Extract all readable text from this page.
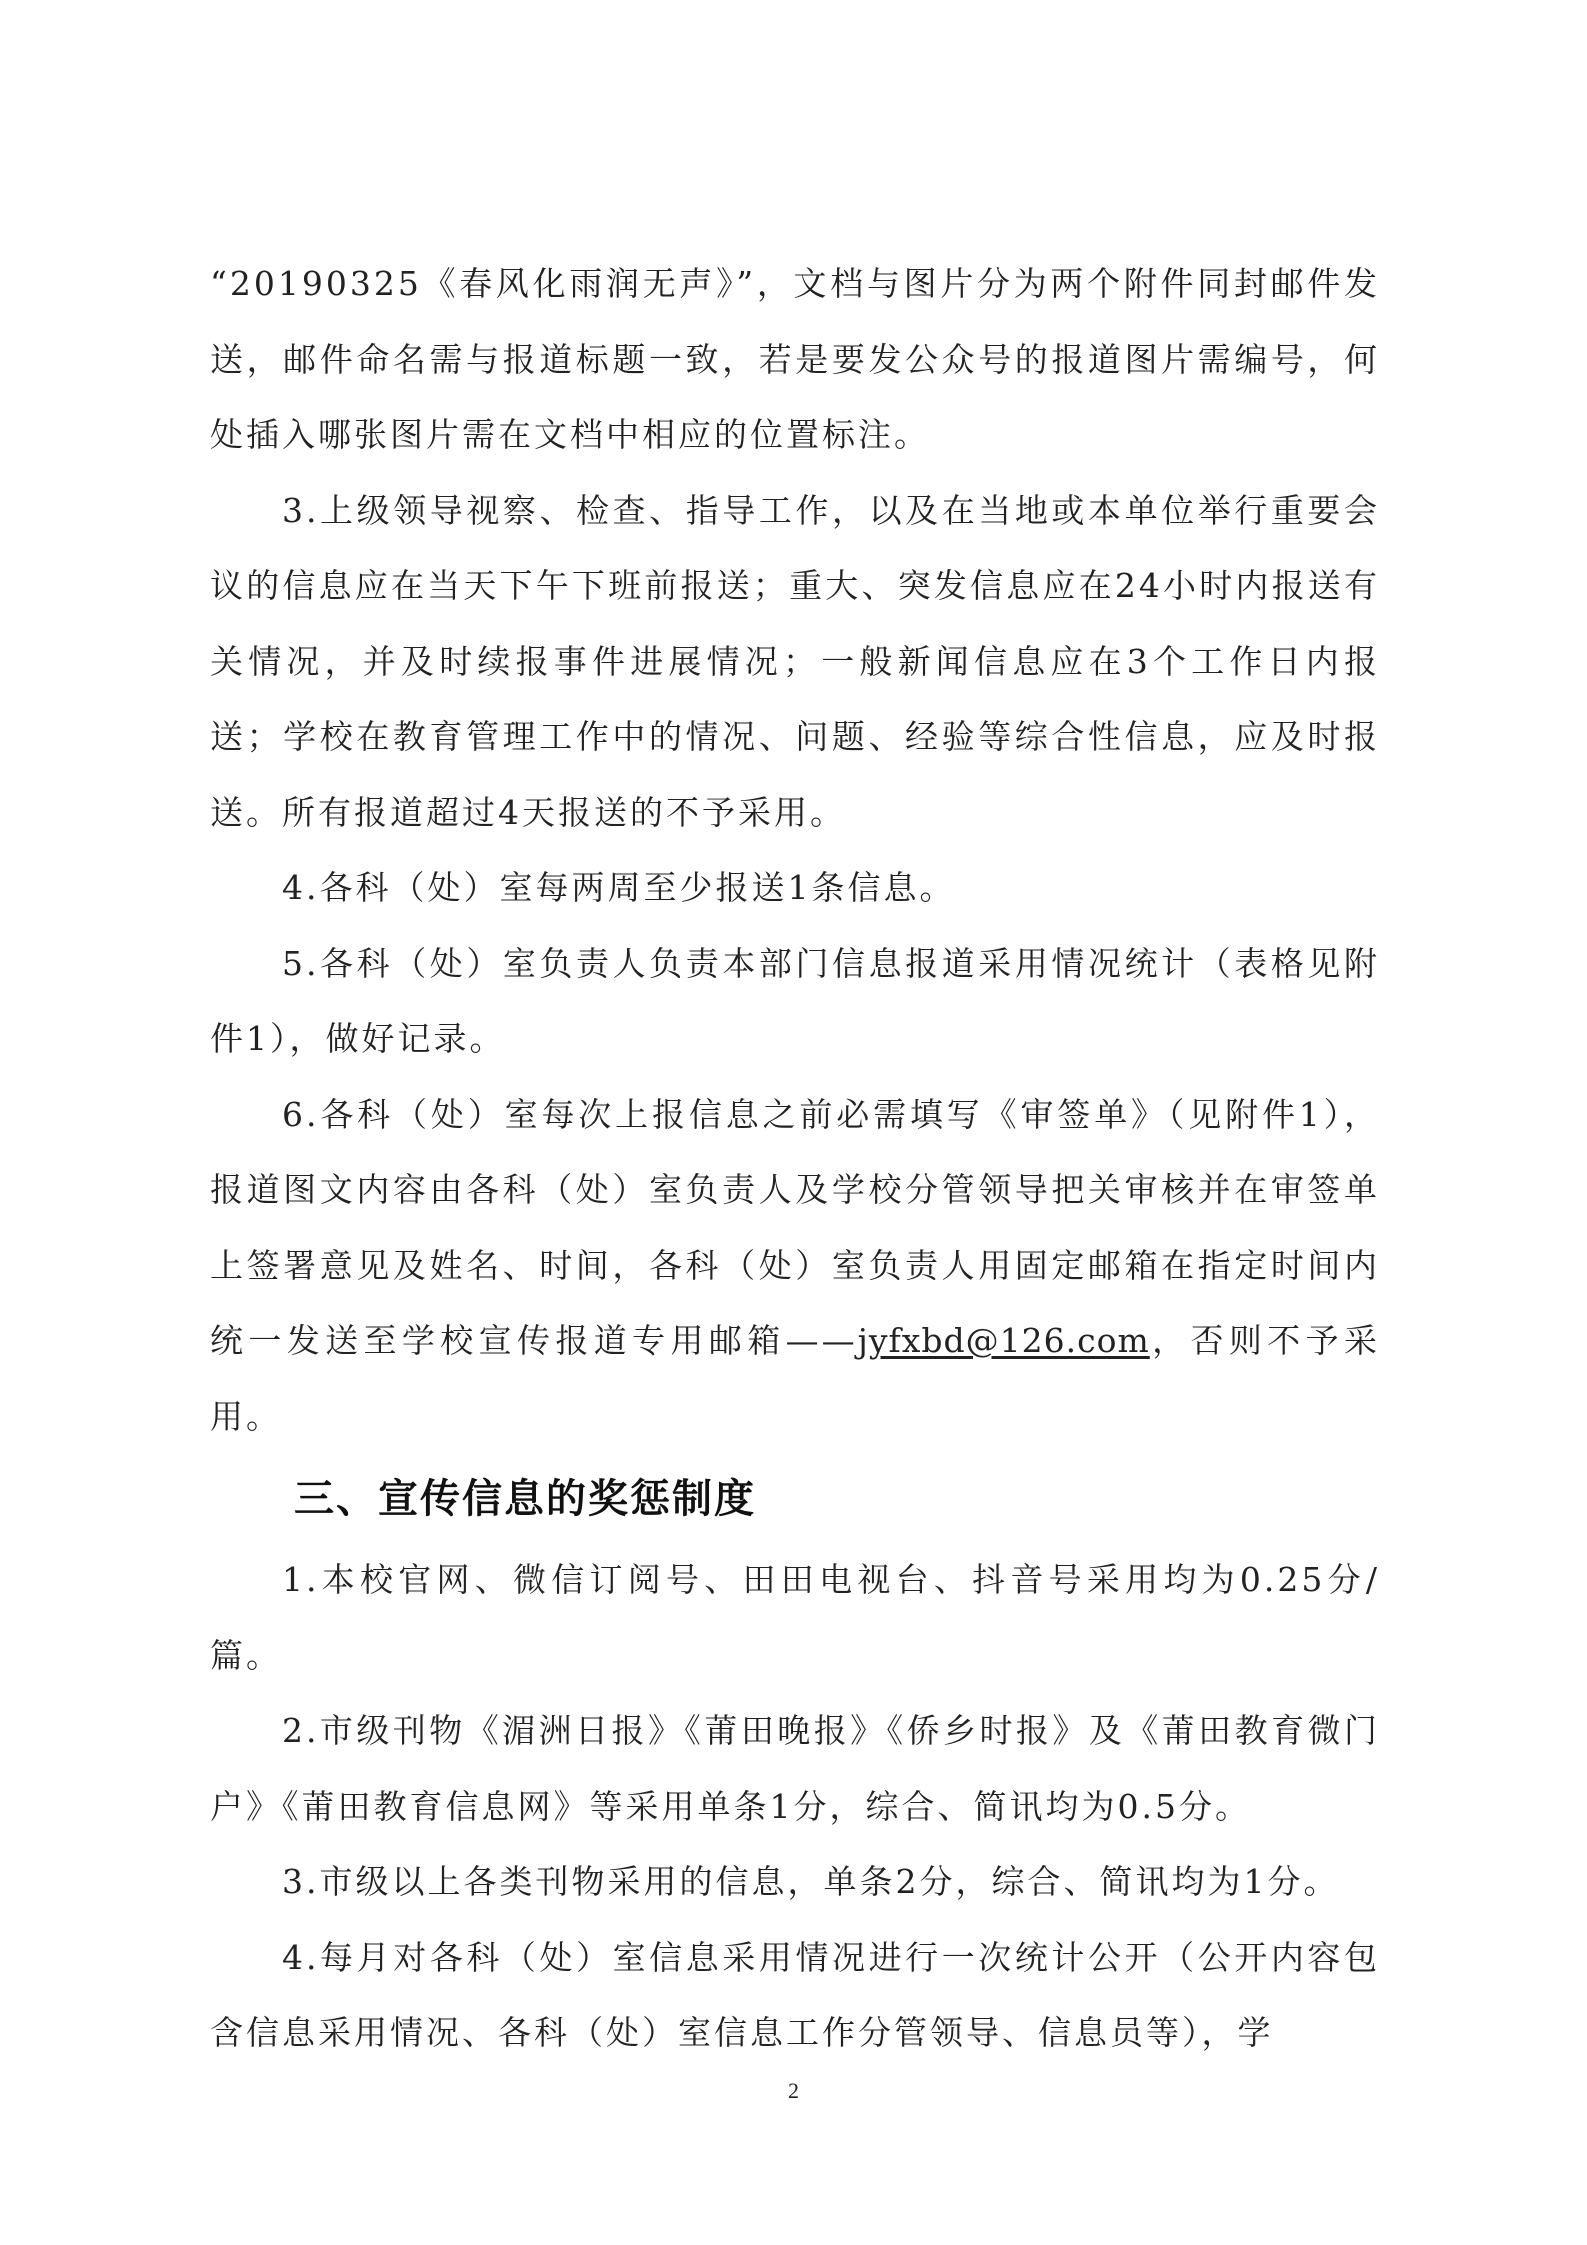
“20190325《春风化雨润无声》”，文档与图片分为两个附件同封邮件发送，邮件命名需与报道标题一致，若是要发公众号的报道图片需编号，何处插入哪张图片需在文档中相应的位置标注。

3.上级领导视察、检查、指导工作，以及在当地或本单位举行重要会议的信息应在当天下午下班前报送；重大、突发信息应在24小时内报送有关情况，并及时续报事件进展情况；一般新闻信息应在3个工作日内报送；学校在教育管理工作中的情况、问题、经验等综合性信息，应及时报送。所有报道超过4天报送的不予采用。

4.各科（处）室每两周至少报送1条信息。

5.各科（处）室负责人负责本部门信息报道采用情况统计（表格见附件1），做好记录。

6.各科（处）室每次上报信息之前必需填写《审签单》（见附件1），报道图文内容由各科（处）室负责人及学校分管领导把关审核并在审签单上签署意见及姓名、时间，各科（处）室负责人用固定邮箱在指定时间内统一发送至学校宣传报道专用邮箱——jyfxbd@126.com，否则不予采用。

三、宣传信息的奖惩制度

1.本校官网、微信订阅号、田田电视台、抖音号采用均为0.25分/篇。

2.市级刊物《湄洲日报》《莆田晚报》《侨乡时报》及《莆田教育微门户》《莆田教育信息网》等采用单条1分，综合、简讯均为0.5分。

3.市级以上各类刊物采用的信息，单条2分，综合、简讯均为1分。

4.每月对各科（处）室信息采用情况进行一次统计公开（公开内容包含信息采用情况、各科（处）室信息工作分管领导、信息员等），学

2
